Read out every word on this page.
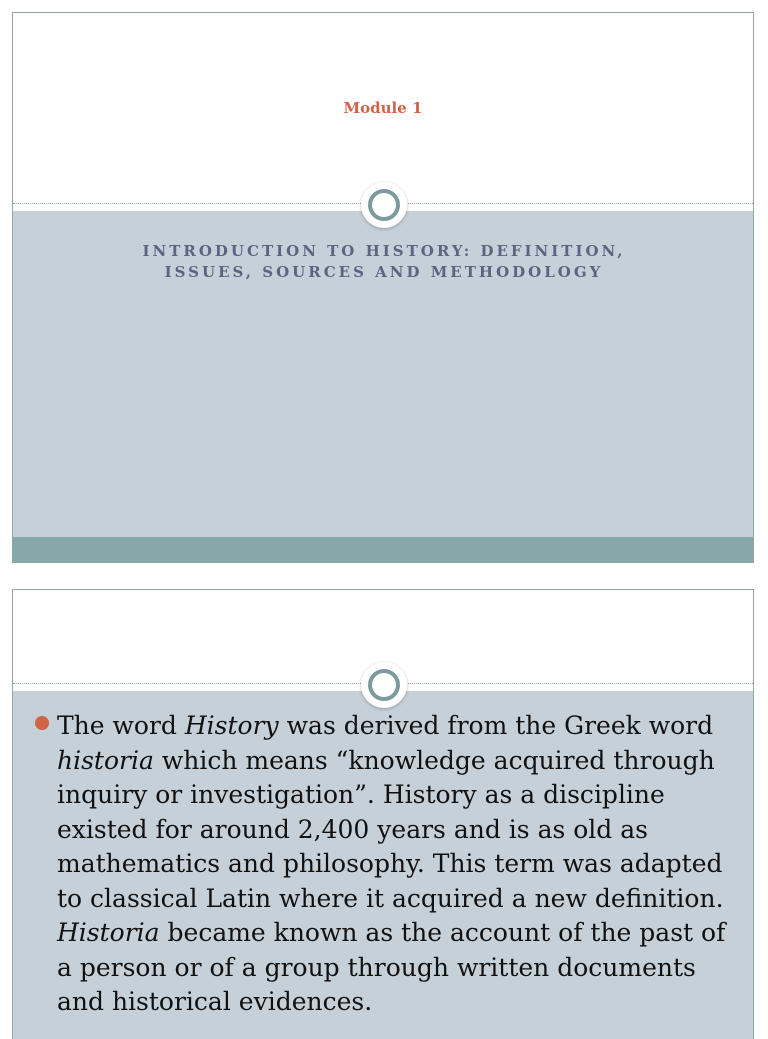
Module 1
INTRODUCTION TO HISTORY: DEFINITION,
ISSUES, SOURCES AND METHODOLOGY

The word History was derived from the Greek word
historia which means “knowledge acquired through
inquiry or investigation”. History as a discipline
existed for around 2,400 years and is as old as
mathematics and philosophy. This term was adapted
to classical Latin where it acquired a new definition.
Historia became known as the account of the past of
a person or of a group through written documents
and historical evidences.
